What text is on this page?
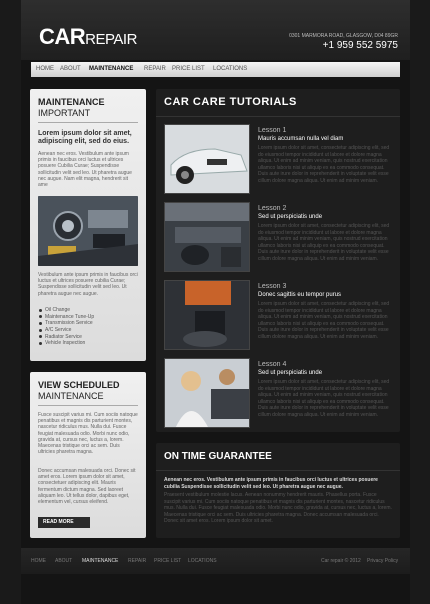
CARREPAIR	0301 MARMORA ROAD, GLASGOW, D04 89GR
+1 959 552 5975
HOME ABOUT MAINTENANCE REPAIR PRICE LIST LOCATIONS
MAINTENANCE
IMPORTANT
Lorem ipsum dolor sit amet, adipiscing elit, sed do eius.
Aenean nec eros. Vestibulum ante ipsum primis in faucibus orci luctus et ultrices posuere Cubilia Curae; Suspendisse sollicitudin velit sed leo. Ut pharetra augue nec augue. Nam elit magna, hendrerit sit ame
Vestibulum ante ipsum primis in faucibus orci luctus et ultrices posuere cubilia Curae; Suspendisse sollicitudin velit sed leo. Ut pharetra augue nec augue.
Oil Change
Maintenance Tune-Up
Transmission Service
A/C Service
Radiator Service
Vehicle Inspection
VIEW SCHEDULED
MAINTENANCE
Fusce suscipit varius mi. Cum sociis natoque penatibus et magnis dis parturient montes, nascetur ridiculus mus. Nulla dui. Fusce feugiat malesuada odio. Morbi nunc odio, gravida at, cursus nec, luctus a, lorem. Maecenas tristique orci ac sem. Duis ultricies pharetra magna.
Donec accumsan malesuada orci. Donec sit amet eros. Lorem ipsum dolor sit amet, consectetuer adipiscing elit. Mauris fermentum dictum magna. Sed laoreet aliquam leo. Ut tellus dolor, dapibus eget, elementum vel, cursus eleifend.
READ MORE
CAR CARE TUTORIALS
Lesson 1
Mauris accumsan nulla vel diam
Lorem ipsum dolor sit amet, consectetur adipiscing elit, sed do eiusmod tempor incididunt ut labore et dolore magna aliqua. Ut enim ad minim veniam, quis nostrud exercitation ullamco laboris nisi ut aliquip ex ea commodo consequat. Duis aute irure dolor in reprehenderit in voluptate velit esse cillum dolore magna aliqua. Ut enim ad minim veniam.
Lesson 2
Sed ut perspiciatis unde
Lorem ipsum dolor sit amet, consectetur adipiscing elit, sed do eiusmod tempor incididunt ut labore et dolore magna aliqua. Ut enim ad minim veniam, quis nostrud exercitation ullamco laboris nisi ut aliquip ex ea commodo consequat. Duis aute irure dolor in reprehenderit in voluptate velit esse cillum dolore magna aliqua. Ut enim ad minim veniam.
Lesson 3
Donec sagittis eu tempor purus
Lorem ipsum dolor sit amet, consectetur adipiscing elit, sed do eiusmod tempor incididunt ut labore et dolore magna aliqua. Ut enim ad minim veniam, quis nostrud exercitation ullamco laboris nisi ut aliquip ex ea commodo consequat. Duis aute irure dolor in reprehenderit in voluptate velit esse cillum dolore magna aliqua. Ut enim ad minim veniam.
Lesson 4
Sed ut perspiciatis unde
Lorem ipsum dolor sit amet, consectetur adipiscing elit, sed do eiusmod tempor incididunt ut labore et dolore magna aliqua. Ut enim ad minim veniam, quis nostrud exercitation ullamco laboris nisi ut aliquip ex ea commodo consequat. Duis aute irure dolor in reprehenderit in voluptate velit esse cillum dolore magna aliqua. Ut enim ad minim veniam.
ON TIME GUARANTEE
Aenean nec eros. Vestibulum ante ipsum primis in faucibus orci luctus et ultrices posuere cubilia Suspendisse sollicitudin velit sed leo. Ut pharetra augue nec augue.
Praesent vestibulum molestie lacus. Aenean nonummy hendrerit mauris. Phasellus porta. Fusce suscipit varius mi. Cum sociis natoque penatibus et magnis dis parturient montes, nascetur ridiculus mus. Nulla dui. Fusce feugiat malesuada odio. Morbi nunc odio, gravida at, cursus nec, luctus a, lorem. Maecenas tristique orci ac sem. Duis ultricies pharetra magna. Donec accumsan malesuada orci. Donec sit amet eros. Lorem ipsum dolor sit amet.
HOME ABOUT MAINTENANCE REPAIR PRICE LIST LOCATIONS	Car repair © 2012 Privacy Policy
